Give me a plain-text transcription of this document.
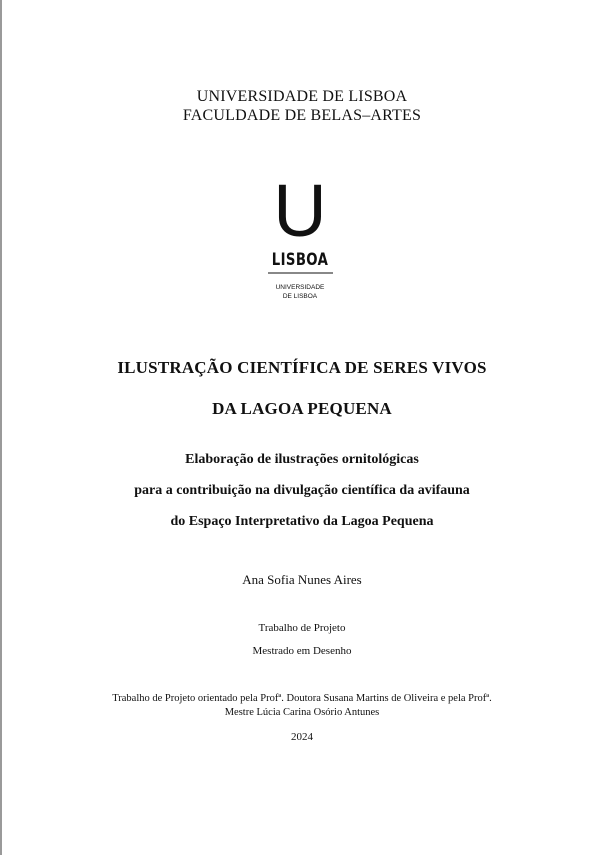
UNIVERSIDADE DE LISBOA
FACULDADE DE BELAS–ARTES
U
LISBOA
UNIVERSIDADE
DE LISBOA
ILUSTRAÇÃO CIENTÍFICA DE SERES VIVOS
DA LAGOA PEQUENA
Elaboração de ilustrações ornitológicas
para a contribuição na divulgação científica da avifauna
do Espaço Interpretativo da Lagoa Pequena
Ana Sofia Nunes Aires
Trabalho de Projeto
Mestrado em Desenho
Trabalho de Projeto orientado pela Profª. Doutora Susana Martins de Oliveira e pela Profª.
Mestre Lúcia Carina Osório Antunes
2024
